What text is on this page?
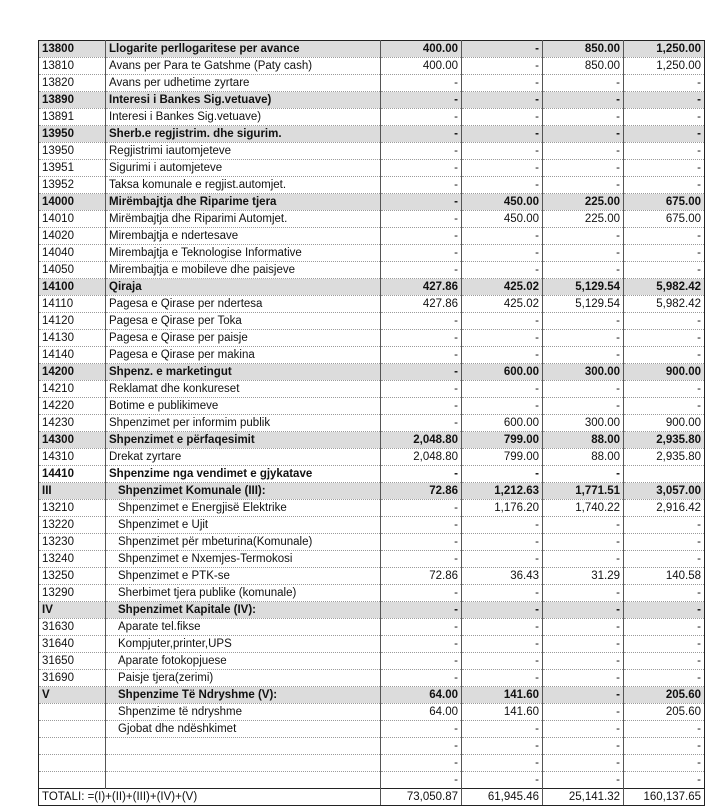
13800	Llogarite perllogaritese per avance	400.00	-	850.00	1,250.00
13810	Avans per Para te Gatshme (Paty cash)	400.00	-	850.00	1,250.00
13820	Avans per udhetime zyrtare	-	-	-	-
13890	Interesi i Bankes Sig.vetuave)	-	-	-	-
13891	Interesi i Bankes Sig.vetuave)	-	-	-	-
13950	Sherb.e regjistrim. dhe sigurim.	-	-	-	-
13950	Regjistrimi iautomjeteve	-	-	-	-
13951	Sigurimi i automjeteve	-	-	-	-
13952	Taksa komunale e regjist.automjet.	-	-	-	-
14000	Mirëmbajtja dhe Riparime tjera	-	450.00	225.00	675.00
14010	Mirëmbajtja dhe Riparimi Automjet.	-	450.00	225.00	675.00
14020	Mirembajtja e ndertesave	-	-	-	-
14040	Mirembajtja e Teknologise Informative	-	-	-	-
14050	Mirembajtja e mobileve dhe paisjeve	-	-	-	-
14100	Qiraja	427.86	425.02	5,129.54	5,982.42
14110	Pagesa e Qirase per ndertesa	427.86	425.02	5,129.54	5,982.42
14120	Pagesa e Qirase per Toka	-	-	-	-
14130	Pagesa e Qirase per paisje	-	-	-	-
14140	Pagesa e Qirase per makina	-	-	-	-
14200	Shpenz. e marketingut	-	600.00	300.00	900.00
14210	Reklamat dhe konkureset	-	-	-	-
14220	Botime e publikimeve	-	-	-	-
14230	Shpenzimet per informim publik	-	600.00	300.00	900.00
14300	Shpenzimet e përfaqesimit	2,048.80	799.00	88.00	2,935.80
14310	Drekat zyrtare	2,048.80	799.00	88.00	2,935.80
14410	Shpenzime nga vendimet e gjykatave	-	-	-	
III	Shpenzimet Komunale (III):	72.86	1,212.63	1,771.51	3,057.00
13210	Shpenzimet e Energjisë Elektrike	-	1,176.20	1,740.22	2,916.42
13220	Shpenzimet e Ujit	-	-	-	-
13230	Shpenzimet për mbeturina(Komunale)	-	-	-	-
13240	Shpenzimet e Nxemjes-Termokosi	-	-	-	-
13250	Shpenzimet e PTK-se	72.86	36.43	31.29	140.58
13290	Sherbimet tjera publike (komunale)	-	-	-	-
IV	Shpenzimet Kapitale (IV):	-	-	-	-
31630	Aparate tel.fikse	-	-	-	-
31640	Kompjuter,printer,UPS	-	-	-	-
31650	Aparate fotokopjuese	-	-	-	-
31690	Paisje tjera(zerimi)	-	-	-	-
V	Shpenzime Të Ndryshme (V):	64.00	141.60	-	205.60
	Shpenzime të ndryshme	64.00	141.60	-	205.60
	Gjobat dhe ndëshkimet	-	-	-	-
		-	-	-	-
		-	-	-	-
		-	-	-	-
TOTALI: =(I)+(II)+(III)+(IV)+(V)		73,050.87	61,945.46	25,141.32	160,137.65
